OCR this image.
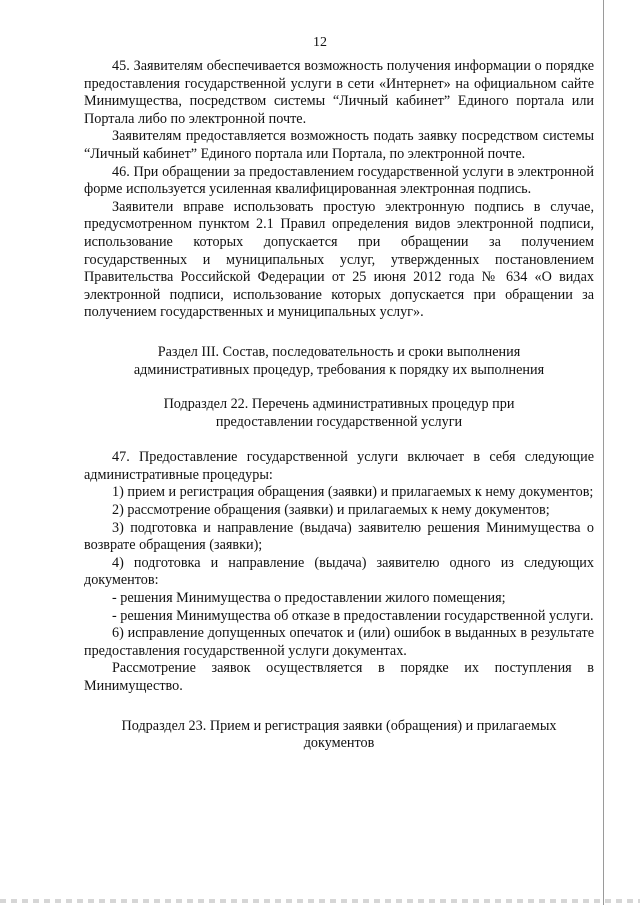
12

45. Заявителям обеспечивается возможность получения информации о порядке предоставления государственной услуги в сети «Интернет» на официальном сайте Минимущества, посредством системы “Личный кабинет” Единого портала или Портала либо по электронной почте.

Заявителям предоставляется возможность подать заявку посредством системы “Личный кабинет” Единого портала или Портала, по электронной почте.

46. При обращении за предоставлением государственной услуги в электронной форме используется усиленная квалифицированная электронная подпись.

Заявители вправе использовать простую электронную подпись в случае, предусмотренном пунктом 2.1 Правил определения видов электронной подписи, использование которых допускается при обращении за получением государственных и муниципальных услуг, утвержденных постановлением Правительства Российской Федерации от 25 июня 2012 года № 634 «О видах электронной подписи, использование которых допускается при обращении за получением государственных и муниципальных услуг».

Раздел III. Состав, последовательность и сроки выполнения
административных процедур, требования к порядку их выполнения
Подраздел 22. Перечень административных процедур при
предоставлении государственной услуги

47. Предоставление государственной услуги включает в себя следующие административные процедуры:

1) прием и регистрация обращения (заявки) и прилагаемых к нему документов;

2) рассмотрение обращения (заявки) и прилагаемых к нему документов;

3) подготовка и направление (выдача) заявителю решения Минимущества о возврате обращения (заявки);

4) подготовка и направление (выдача) заявителю одного из следующих документов:

- решения Минимущества о предоставлении жилого помещения;

- решения Минимущества об отказе в предоставлении государственной услуги.

6) исправление допущенных опечаток и (или) ошибок в выданных в результате предоставления государственной услуги документах.

Рассмотрение заявок осуществляется в порядке их поступления в Минимущество.

Подраздел 23. Прием и регистрация заявки (обращения) и прилагаемых
документов
